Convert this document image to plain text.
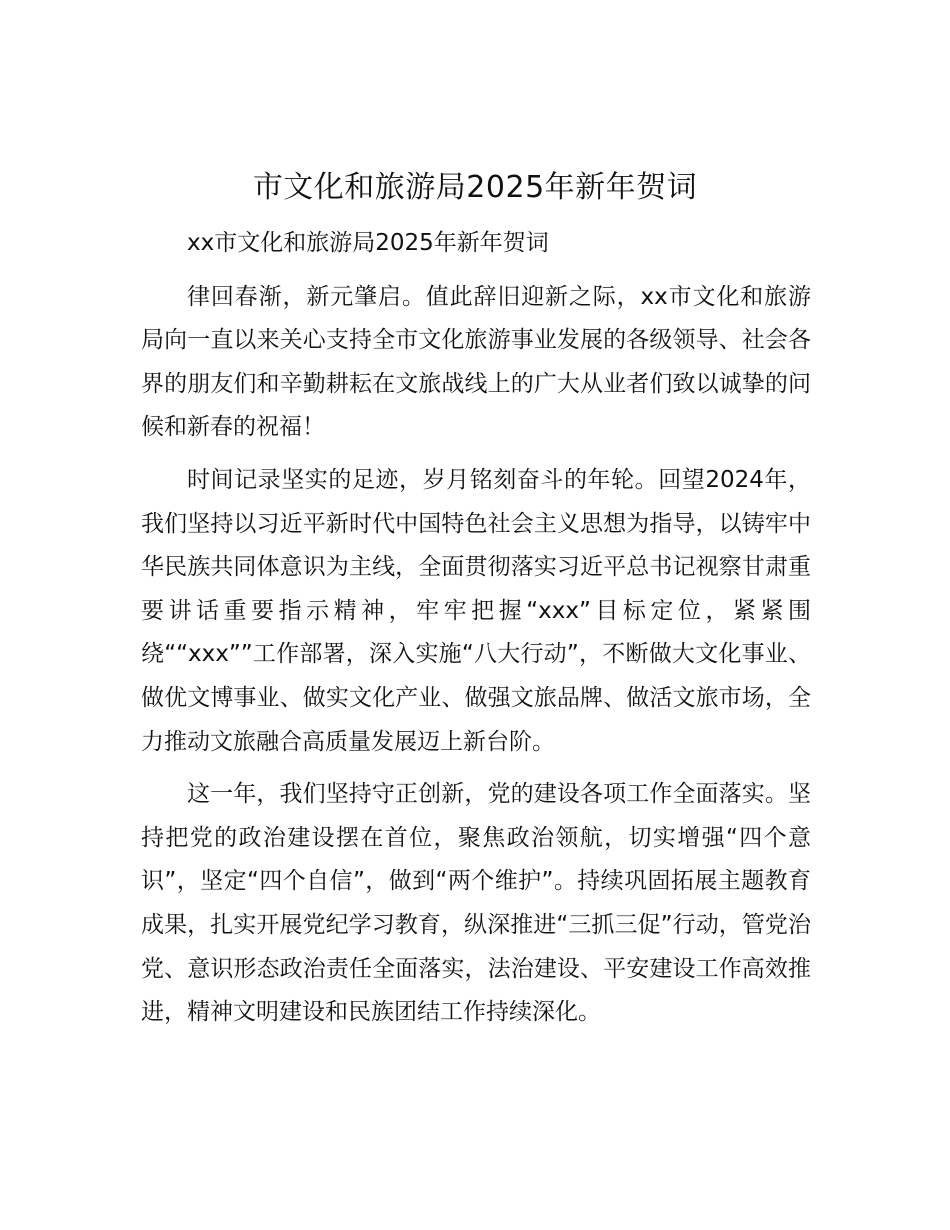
市文化和旅游局2025年新年贺词
xx市文化和旅游局2025年新年贺词
律回春渐，新元肇启。值此辞旧迎新之际，xx市文化和旅游局向一直以来关心支持全市文化旅游事业发展的各级领导、社会各界的朋友们和辛勤耕耘在文旅战线上的广大从业者们致以诚挚的问候和新春的祝福！
时间记录坚实的足迹，岁月铭刻奋斗的年轮。回望2024年，我们坚持以习近平新时代中国特色社会主义思想为指导，以铸牢中华民族共同体意识为主线，全面贯彻落实习近平总书记视察甘肃重要讲话重要指示精神，牢牢把握“xxx”目标定位，紧紧围绕““xxx””工作部署，深入实施“八大行动”，不断做大文化事业、做优文博事业、做实文化产业、做强文旅品牌、做活文旅市场，全力推动文旅融合高质量发展迈上新台阶。
这一年，我们坚持守正创新，党的建设各项工作全面落实。坚持把党的政治建设摆在首位，聚焦政治领航，切实增强“四个意识”，坚定“四个自信”，做到“两个维护”。持续巩固拓展主题教育成果，扎实开展党纪学习教育，纵深推进“三抓三促”行动，管党治党、意识形态政治责任全面落实，法治建设、平安建设工作高效推进，精神文明建设和民族团结工作持续深化。
